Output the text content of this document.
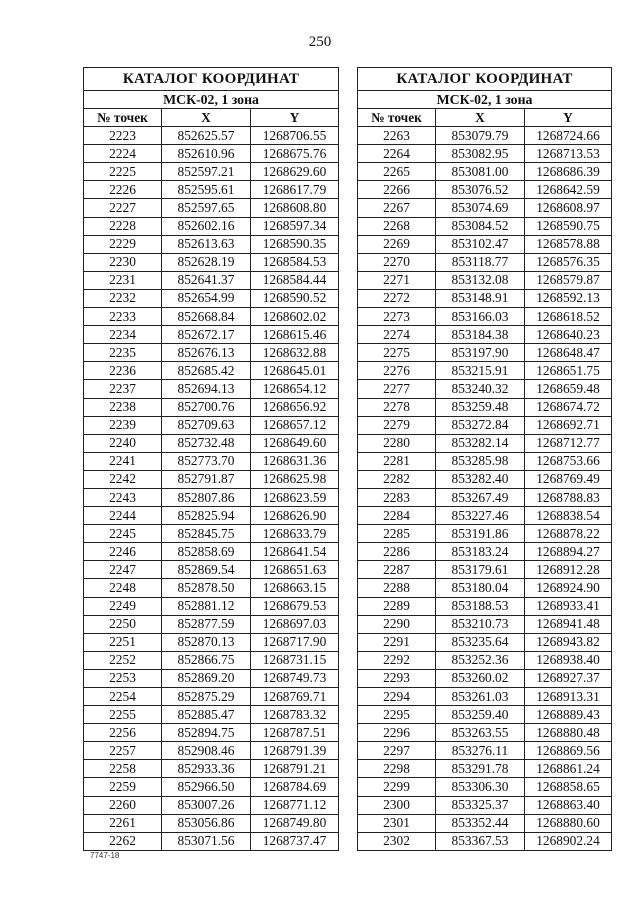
250
КАТАЛОГ КООРДИНАТ		
МСК-02, 1 зона		
№ точек	X	Y
2223	852625.57	1268706.55
2224	852610.96	1268675.76
2225	852597.21	1268629.60
2226	852595.61	1268617.79
2227	852597.65	1268608.80
2228	852602.16	1268597.34
2229	852613.63	1268590.35
2230	852628.19	1268584.53
2231	852641.37	1268584.44
2232	852654.99	1268590.52
2233	852668.84	1268602.02
2234	852672.17	1268615.46
2235	852676.13	1268632.88
2236	852685.42	1268645.01
2237	852694.13	1268654.12
2238	852700.76	1268656.92
2239	852709.63	1268657.12
2240	852732.48	1268649.60
2241	852773.70	1268631.36
2242	852791.87	1268625.98
2243	852807.86	1268623.59
2244	852825.94	1268626.90
2245	852845.75	1268633.79
2246	852858.69	1268641.54
2247	852869.54	1268651.63
2248	852878.50	1268663.15
2249	852881.12	1268679.53
2250	852877.59	1268697.03
2251	852870.13	1268717.90
2252	852866.75	1268731.15
2253	852869.20	1268749.73
2254	852875.29	1268769.71
2255	852885.47	1268783.32
2256	852894.75	1268787.51
2257	852908.46	1268791.39
2258	852933.36	1268791.21
2259	852966.50	1268784.69
2260	853007.26	1268771.12
2261	853056.86	1268749.80
2262	853071.56	1268737.47
КАТАЛОГ КООРДИНАТ		
МСК-02, 1 зона		
№ точек	X	Y
2263	853079.79	1268724.66
2264	853082.95	1268713.53
2265	853081.00	1268686.39
2266	853076.52	1268642.59
2267	853074.69	1268608.97
2268	853084.52	1268590.75
2269	853102.47	1268578.88
2270	853118.77	1268576.35
2271	853132.08	1268579.87
2272	853148.91	1268592.13
2273	853166.03	1268618.52
2274	853184.38	1268640.23
2275	853197.90	1268648.47
2276	853215.91	1268651.75
2277	853240.32	1268659.48
2278	853259.48	1268674.72
2279	853272.84	1268692.71
2280	853282.14	1268712.77
2281	853285.98	1268753.66
2282	853282.40	1268769.49
2283	853267.49	1268788.83
2284	853227.46	1268838.54
2285	853191.86	1268878.22
2286	853183.24	1268894.27
2287	853179.61	1268912.28
2288	853180.04	1268924.90
2289	853188.53	1268933.41
2290	853210.73	1268941.48
2291	853235.64	1268943.82
2292	853252.36	1268938.40
2293	853260.02	1268927.37
2294	853261.03	1268913.31
2295	853259.40	1268889.43
2296	853263.55	1268880.48
2297	853276.11	1268869.56
2298	853291.78	1268861.24
2299	853306.30	1268858.65
2300	853325.37	1268863.40
2301	853352.44	1268880.60
2302	853367.53	1268902.24
7747-18
